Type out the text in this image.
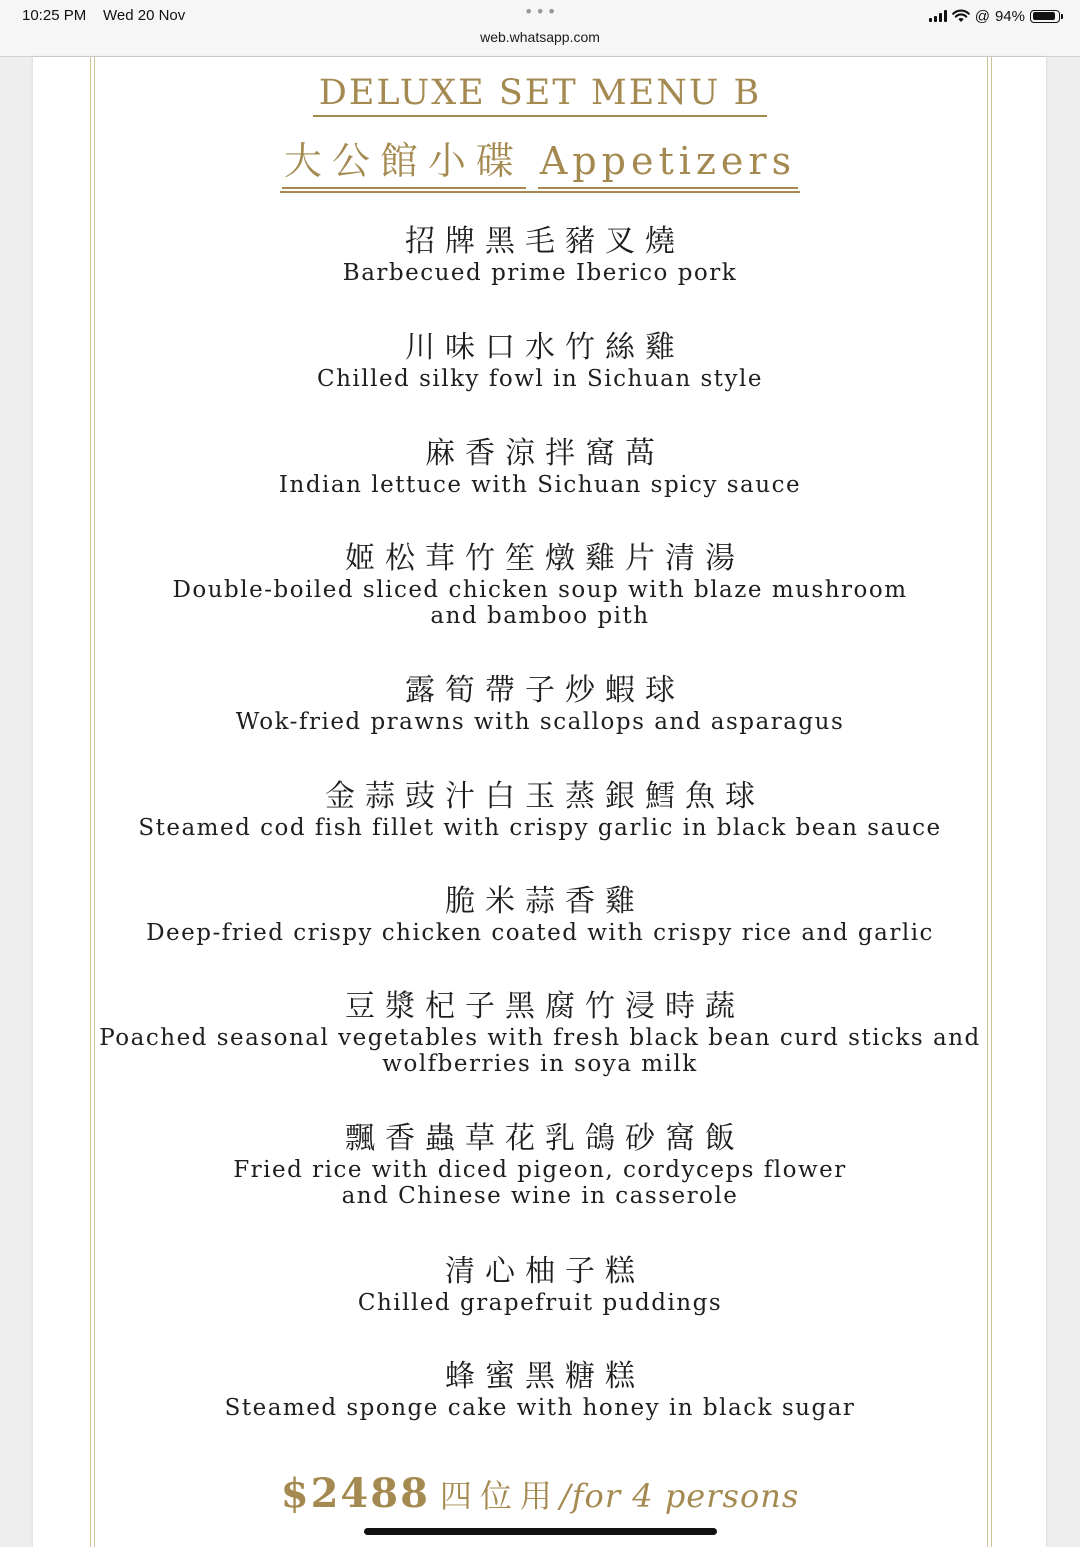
10:25 PM Wed 20 Nov	•••
web.whatsapp.com
@ 94%
DELUXE SET MENU B
大公館小碟 Appetizers
招牌黑毛豬叉燒
Barbecued prime Iberico pork
川味口水竹絲雞
Chilled silky fowl in Sichuan style
麻香涼拌窩萵
Indian lettuce with Sichuan spicy sauce
姬松茸竹笙燉雞片清湯
Double-boiled sliced chicken soup with blaze mushroom
and bamboo pith
露筍帶子炒蝦球
Wok-fried prawns with scallops and asparagus
金蒜豉汁白玉蒸銀鱈魚球
Steamed cod fish fillet with crispy garlic in black bean sauce
脆米蒜香雞
Deep-fried crispy chicken coated with crispy rice and garlic
豆漿杞子黑腐竹浸時蔬
Poached seasonal vegetables with fresh black bean curd sticks and
wolfberries in soya milk
飄香蟲草花乳鴿砂窩飯
Fried rice with diced pigeon, cordyceps flower
and Chinese wine in casserole
清心柚子糕
Chilled grapefruit puddings
蜂蜜黑糖糕
Steamed sponge cake with honey in black sugar
$2488 四位用/for 4 persons
